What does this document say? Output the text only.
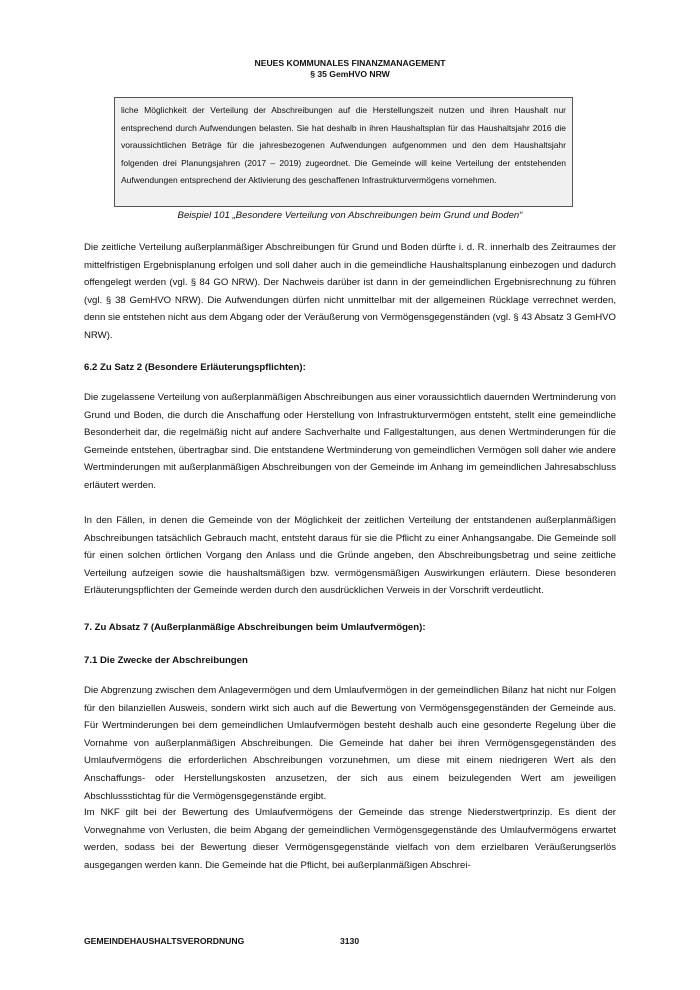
NEUES KOMMUNALES FINANZMANAGEMENT
§ 35 GemHVO NRW
liche Möglichkeit der Verteilung der Abschreibungen auf die Herstellungszeit nutzen und ihren Haushalt nur entsprechend durch Aufwendungen belasten. Sie hat deshalb in ihren Haushaltsplan für das Haushaltsjahr 2016 die voraussichtlichen Beträge für die jahresbezogenen Aufwendungen aufgenommen und den dem Haushaltsjahr folgenden drei Planungsjahren (2017 – 2019) zugeordnet. Die Gemeinde will keine Verteilung der entstehenden Aufwendungen entsprechend der Aktivierung des geschaffenen Infrastrukturvermögens vornehmen.
Beispiel 101 „Besondere Verteilung von Abschreibungen beim Grund und Boden“

Die zeitliche Verteilung außerplanmäßiger Abschreibungen für Grund und Boden dürfte i. d. R. innerhalb des Zeitraumes der mittelfristigen Ergebnisplanung erfolgen und soll daher auch in die gemeindliche Haushaltsplanung einbezogen und dadurch offengelegt werden (vgl. § 84 GO NRW). Der Nachweis darüber ist dann in der gemeindlichen Ergebnisrechnung zu führen (vgl. § 38 GemHVO NRW). Die Aufwendungen dürfen nicht unmittelbar mit der allgemeinen Rücklage verrechnet werden, denn sie entstehen nicht aus dem Abgang oder der Veräußerung von Vermögensgegenständen (vgl. § 43 Absatz 3 GemHVO NRW).

6.2 Zu Satz 2 (Besondere Erläuterungspflichten):

Die zugelassene Verteilung von außerplanmäßigen Abschreibungen aus einer voraussichtlich dauernden Wertminderung von Grund und Boden, die durch die Anschaffung oder Herstellung von Infrastrukturvermögen entsteht, stellt eine gemeindliche Besonderheit dar, die regelmäßig nicht auf andere Sachverhalte und Fallgestaltungen, aus denen Wertminderungen für die Gemeinde entstehen, übertragbar sind. Die entstandene Wertminderung von gemeindlichen Vermögen soll daher wie andere Wertminderungen mit außerplanmäßigen Abschreibungen von der Gemeinde im Anhang im gemeindlichen Jahresabschluss erläutert werden.

In den Fällen, in denen die Gemeinde von der Möglichkeit der zeitlichen Verteilung der entstandenen außerplanmäßigen Abschreibungen tatsächlich Gebrauch macht, entsteht daraus für sie die Pflicht zu einer Anhangsangabe. Die Gemeinde soll für einen solchen örtlichen Vorgang den Anlass und die Gründe angeben, den Abschreibungsbetrag und seine zeitliche Verteilung aufzeigen sowie die haushaltsmäßigen bzw. vermögensmäßigen Auswirkungen erläutern. Diese besonderen Erläuterungspflichten der Gemeinde werden durch den ausdrücklichen Verweis in der Vorschrift verdeutlicht.

7. Zu Absatz 7 (Außerplanmäßige Abschreibungen beim Umlaufvermögen):
7.1 Die Zwecke der Abschreibungen

Die Abgrenzung zwischen dem Anlagevermögen und dem Umlaufvermögen in der gemeindlichen Bilanz hat nicht nur Folgen für den bilanziellen Ausweis, sondern wirkt sich auch auf die Bewertung von Vermögensgegenständen der Gemeinde aus. Für Wertminderungen bei dem gemeindlichen Umlaufvermögen besteht deshalb auch eine gesonderte Regelung über die Vornahme von außerplanmäßigen Abschreibungen. Die Gemeinde hat daher bei ihren Vermögensgegenständen des Umlaufvermögens die erforderlichen Abschreibungen vorzunehmen, um diese mit einem niedrigeren Wert als den Anschaffungs- oder Herstellungskosten anzusetzen, der sich aus einem beizulegenden Wert am jeweiligen Abschlussstichtag für die Vermögensgegenstände ergibt.

Im NKF gilt bei der Bewertung des Umlaufvermögens der Gemeinde das strenge Niederstwertprinzip. Es dient der Vorwegnahme von Verlusten, die beim Abgang der gemeindlichen Vermögensgegenstände des Umlaufvermögens erwartet werden, sodass bei der Bewertung dieser Vermögensgegenstände vielfach von dem erzielbaren Veräußerungserlös ausgegangen werden kann. Die Gemeinde hat die Pflicht, bei außerplanmäßigen Abschrei-

GEMEINDEHAUSHALTSVERORDNUNG	3130
